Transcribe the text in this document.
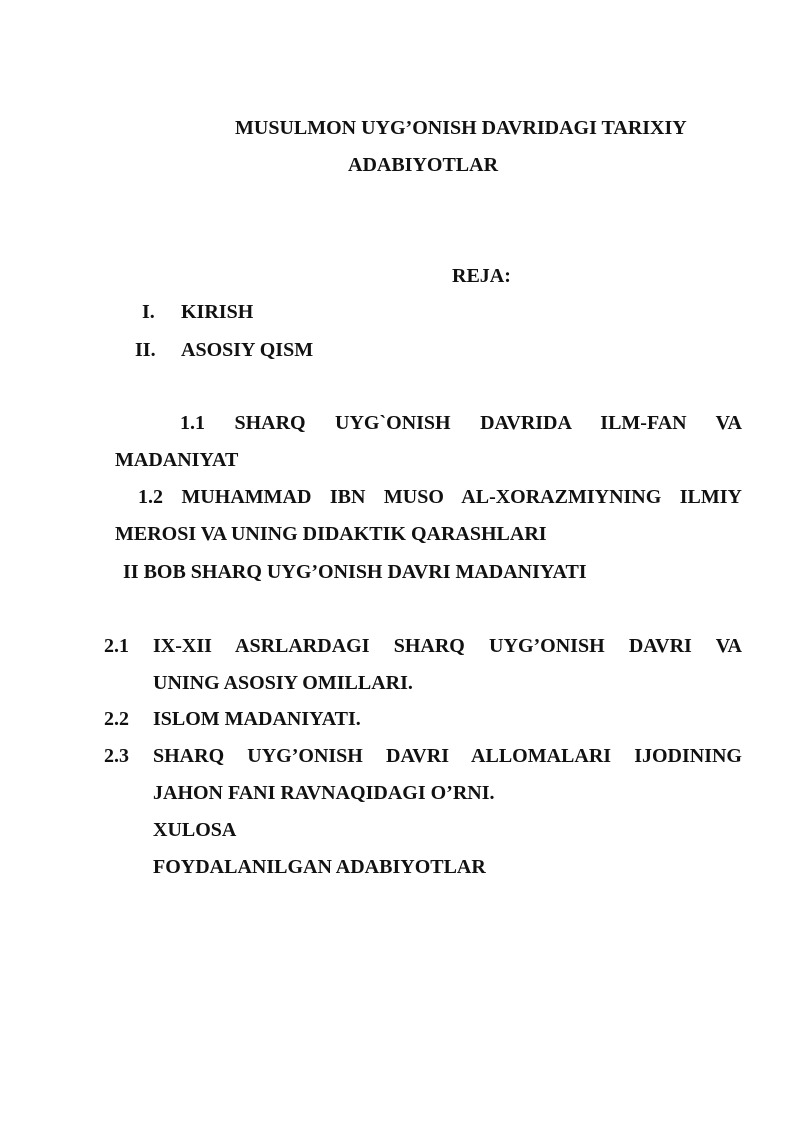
MUSULMON UYG’ONISH DAVRIDAGI TARIXIY
ADABIYOTLAR
REJA:
I. KIRISH
II. ASOSIY QISM
1.1 SHARQ UYG`ONISH DAVRIDA ILM-FAN VA
MADANIYAT
1.2 MUHAMMAD IBN MUSO AL-XORAZMIYNING ILMIY
MEROSI VA UNING DIDAKTIK QARASHLARI
II BOB SHARQ UYG’ONISH DAVRI MADANIYATI
2.1 IX-XII ASRLARDAGI SHARQ UYG’ONISH DAVRI VA
UNING ASOSIY OMILLARI.
2.2 ISLOM MADANIYATI.
2.3 SHARQ UYG’ONISH DAVRI ALLOMALARI IJODINING
JAHON FANI RAVNAQIDAGI O’RNI.
XULOSA
FOYDALANILGAN ADABIYOTLAR
